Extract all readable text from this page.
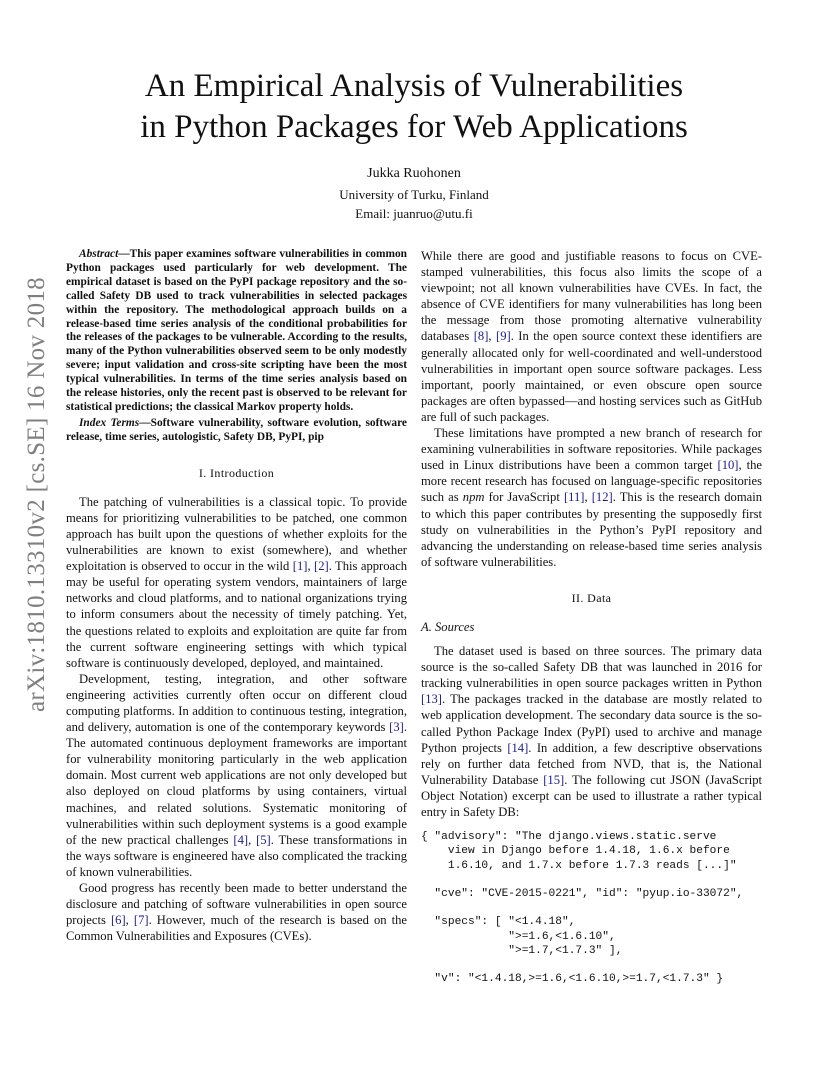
arXiv:1810.13310v2 [cs.SE] 16 Nov 2018
An Empirical Analysis of Vulnerabilities
in Python Packages for Web Applications
Jukka Ruohonen
University of Turku, Finland
Email: juanruo@utu.fi

Abstract—This paper examines software vulnerabilities in common Python packages used particularly for web development. The empirical dataset is based on the PyPI package repository and the so-called Safety DB used to track vulnerabilities in selected packages within the repository. The methodological approach builds on a release-based time series analysis of the conditional probabilities for the releases of the packages to be vulnerable. According to the results, many of the Python vulnerabilities observed seem to be only modestly severe; input validation and cross-site scripting have been the most typical vulnerabilities. In terms of the time series analysis based on the release histories, only the recent past is observed to be relevant for statistical predictions; the classical Markov property holds.

Index Terms—Software vulnerability, software evolution, software release, time series, autologistic, Safety DB, PyPI, pip

I. Introduction

The patching of vulnerabilities is a classical topic. To provide means for prioritizing vulnerabilities to be patched, one common approach has built upon the questions of whether exploits for the vulnerabilities are known to exist (somewhere), and whether exploitation is observed to occur in the wild [1], [2]. This approach may be useful for operating system vendors, maintainers of large networks and cloud platforms, and to national organizations trying to inform consumers about the necessity of timely patching. Yet, the questions related to exploits and exploitation are quite far from the current software engineering settings with which typical software is continuously developed, deployed, and maintained.

Development, testing, integration, and other software engineering activities currently often occur on different cloud computing platforms. In addition to continuous testing, integration, and delivery, automation is one of the contemporary keywords [3]. The automated continuous deployment frameworks are important for vulnerability monitoring particularly in the web application domain. Most current web applications are not only developed but also deployed on cloud platforms by using containers, virtual machines, and related solutions. Systematic monitoring of vulnerabilities within such deployment systems is a good example of the new practical challenges [4], [5]. These transformations in the ways software is engineered have also complicated the tracking of known vulnerabilities.

Good progress has recently been made to better understand the disclosure and patching of software vulnerabilities in open source projects [6], [7]. However, much of the research is based on the Common Vulnerabilities and Exposures (CVEs).

While there are good and justifiable reasons to focus on CVE-stamped vulnerabilities, this focus also limits the scope of a viewpoint; not all known vulnerabilities have CVEs. In fact, the absence of CVE identifiers for many vulnerabilities has long been the message from those promoting alternative vulnerability databases [8], [9]. In the open source context these identifiers are generally allocated only for well-coordinated and well-understood vulnerabilities in important open source software packages. Less important, poorly maintained, or even obscure open source packages are often bypassed—and hosting services such as GitHub are full of such packages.

These limitations have prompted a new branch of research for examining vulnerabilities in software repositories. While packages used in Linux distributions have been a common target [10], the more recent research has focused on language-specific repositories such as npm for JavaScript [11], [12]. This is the research domain to which this paper contributes by presenting the supposedly first study on vulnerabilities in the Python’s PyPI repository and advancing the understanding on release-based time series analysis of software vulnerabilities.

II. Data

A. Sources

The dataset used is based on three sources. The primary data source is the so-called Safety DB that was launched in 2016 for tracking vulnerabilities in open source packages written in Python [13]. The packages tracked in the database are mostly related to web application development. The secondary data source is the so-called Python Package Index (PyPI) used to archive and manage Python projects [14]. In addition, a few descriptive observations rely on further data fetched from NVD, that is, the National Vulnerability Database [15]. The following cut JSON (JavaScript Object Notation) excerpt can be used to illustrate a rather typical entry in Safety DB:

{ "advisory": "The django.views.static.serve
view in Django before 1.4.18, 1.6.x before
1.6.10, and 1.7.x before 1.7.3 reads [...]"

"cve": "CVE-2015-0221", "id": "pyup.io-33072",

"specs": [ "<1.4.18",
">=1.6,<1.6.10",
">=1.7,<1.7.3" ],

"v": "<1.4.18,>=1.6,<1.6.10,>=1.7,<1.7.3" }
